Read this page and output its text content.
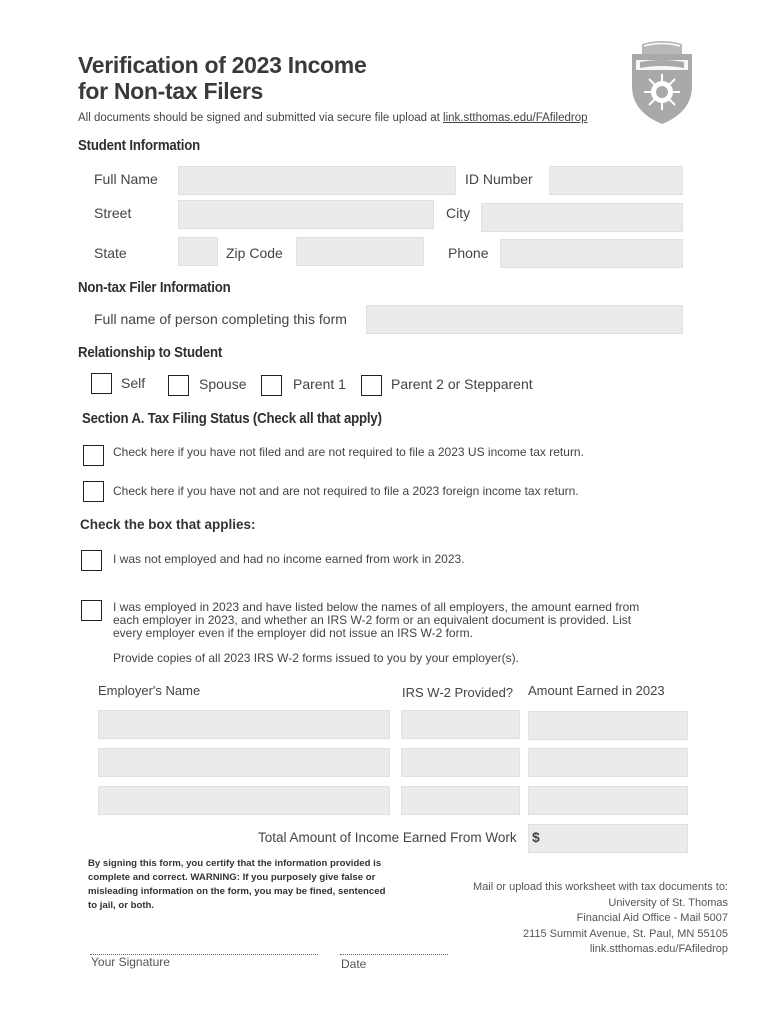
Verification of 2023 Income
for Non-tax Filers
All documents should be signed and submitted via secure file upload at link.stthomas.edu/FAfiledrop
Student Information
Full Name	ID Number
Street	City
State	Zip Code	Phone
Non-tax Filer Information
Full name of person completing this form
Relationship to Student
Self	Spouse	Parent 1	Parent 2 or Stepparent
Section A. Tax Filing Status (Check all that apply)
Check here if you have not filed and are not required to file a 2023 US income tax return.
Check here if you have not and are not required to file a 2023 foreign income tax return.
Check the box that applies:
I was not employed and had no income earned from work in 2023.
I was employed in 2023 and have listed below the names of all employers, the amount earned from
each employer in 2023, and whether an IRS W-2 form or an equivalent document is provided. List
every employer even if the employer did not issue an IRS W-2 form.
Provide copies of all 2023 IRS W-2 forms issued to you by your employer(s).
Employer's Name	IRS W-2 Provided? Amount Earned in 2023
Total Amount of Income Earned From Work $
By signing this form, you certify that the information provided is
complete and correct. WARNING: If you purposely give false or
misleading information on the form, you may be fined, sentenced
to jail, or both.
Mail or upload this worksheet with tax documents to:
University of St. Thomas
Financial Aid Office - Mail 5007
2115 Summit Avenue, St. Paul, MN 55105
link.stthomas.edu/FAfiledrop
Your Signature	Date
